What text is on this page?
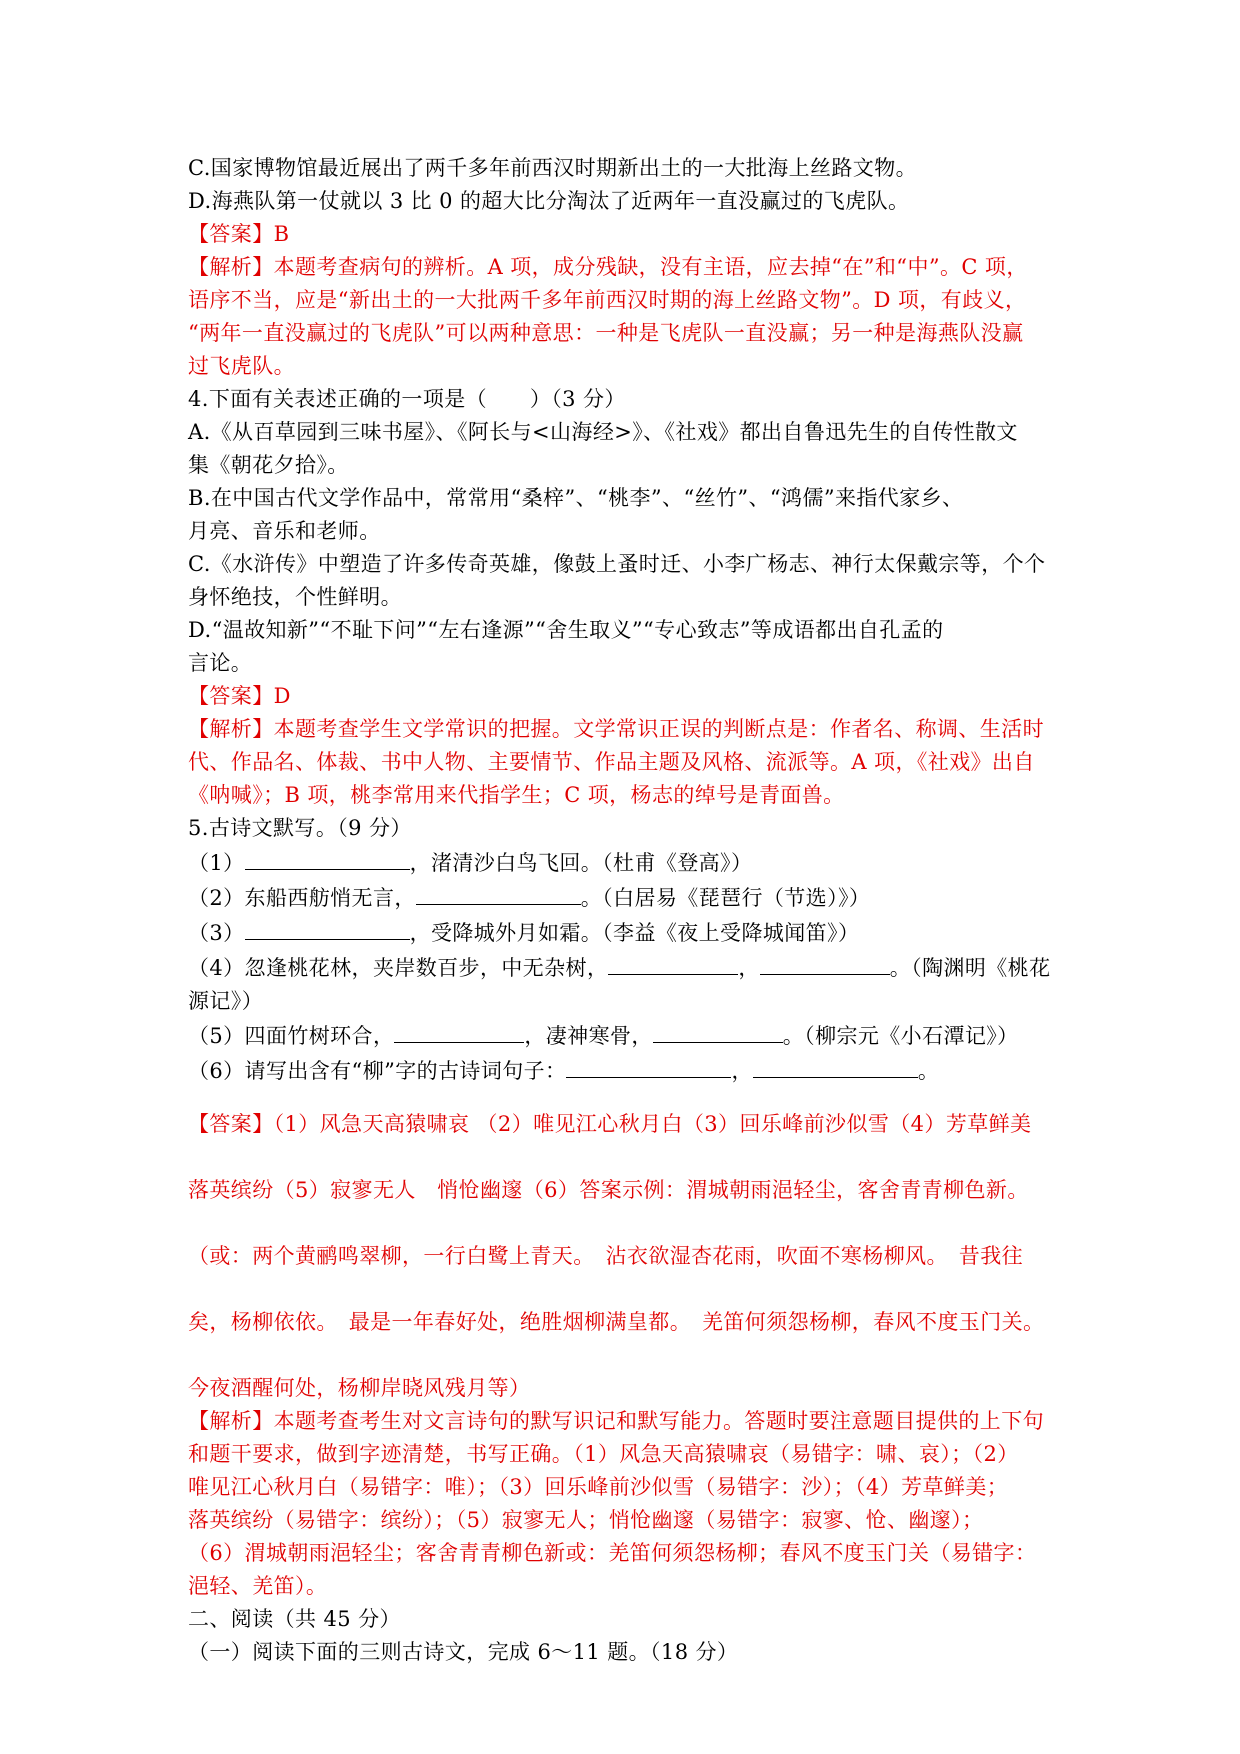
C.国家博物馆最近展出了两千多年前西汉时期新出土的一大批海上丝路文物。
D.海燕队第一仗就以 3 比 0 的超大比分淘汰了近两年一直没赢过的飞虎队。
【答案】B
【解析】本题考查病句的辨析。A 项，成分残缺，没有主语，应去掉“在”和“中”。C 项，
语序不当，应是“新出土的一大批两千多年前西汉时期的海上丝路文物”。D 项，有歧义，
“两年一直没赢过的飞虎队”可以两种意思：一种是飞虎队一直没赢；另一种是海燕队没赢
过飞虎队。
4.下面有关表述正确的一项是（　　）（3 分）
A.《从百草园到三味书屋》、《阿长与<山海经>》、《社戏》都出自鲁迅先生的自传性散文
集《朝花夕拾》。
B.在中国古代文学作品中，常常用“桑梓”、“桃李”、“丝竹”、“鸿儒”来指代家乡、
月亮、音乐和老师。
C.《水浒传》中塑造了许多传奇英雄，像鼓上蚤时迁、小李广杨志、神行太保戴宗等，个个
身怀绝技，个性鲜明。
D.“温故知新”“不耻下问”“左右逢源”“舍生取义”“专心致志”等成语都出自孔孟的
言论。
【答案】D
【解析】本题考查学生文学常识的把握。文学常识正误的判断点是：作者名、称调、生活时
代、作品名、体裁、书中人物、主要情节、作品主题及风格、流派等。A 项，《社戏》出自
《呐喊》；B 项，桃李常用来代指学生；C 项，杨志的绰号是青面兽。
5.古诗文默写。（9 分）
（1）	，渚清沙白鸟飞回。（杜甫《登高》）
（2）东船西舫悄无言，	。（白居易《琵琶行（节选）》）
（3）	，受降城外月如霜。（李益《夜上受降城闻笛》）
（4）忽逢桃花林，夹岸数百步，中无杂树，	，	。（陶渊明《桃花
源记》）
（5）四面竹树环合，	，凄神寒骨，	。（柳宗元《小石潭记》）
（6）请写出含有“柳”字的古诗词句子：	，	。
【答案】（1）风急天高猿啸哀 （2）唯见江心秋月白（3）回乐峰前沙似雪（4）芳草鲜美
落英缤纷（5）寂寥无人　悄怆幽邃（6）答案示例：渭城朝雨浥轻尘，客舍青青柳色新。
（或：两个黄鹂鸣翠柳，一行白鹭上青天。　沾衣欲湿杏花雨，吹面不寒杨柳风。　昔我往
矣，杨柳依依。　最是一年春好处，绝胜烟柳满皇都。　羌笛何须怨杨柳，春风不度玉门关。
今夜酒醒何处，杨柳岸晓风残月等）
【解析】本题考查考生对文言诗句的默写识记和默写能力。答题时要注意题目提供的上下句
和题干要求，做到字迹清楚，书写正确。（1）风急天高猿啸哀（易错字：啸、哀）；（2）
唯见江心秋月白（易错字：唯）；（3）回乐峰前沙似雪（易错字：沙）；（4）芳草鲜美；
落英缤纷（易错字：缤纷）；（5）寂寥无人；悄怆幽邃（易错字：寂寥、怆、幽邃）；
（6）渭城朝雨浥轻尘；客舍青青柳色新或：羌笛何须怨杨柳；春风不度玉门关（易错字：
浥轻、羌笛）。
二、阅读（共 45 分）
（一）阅读下面的三则古诗文，完成 6～11 题。（18 分）
